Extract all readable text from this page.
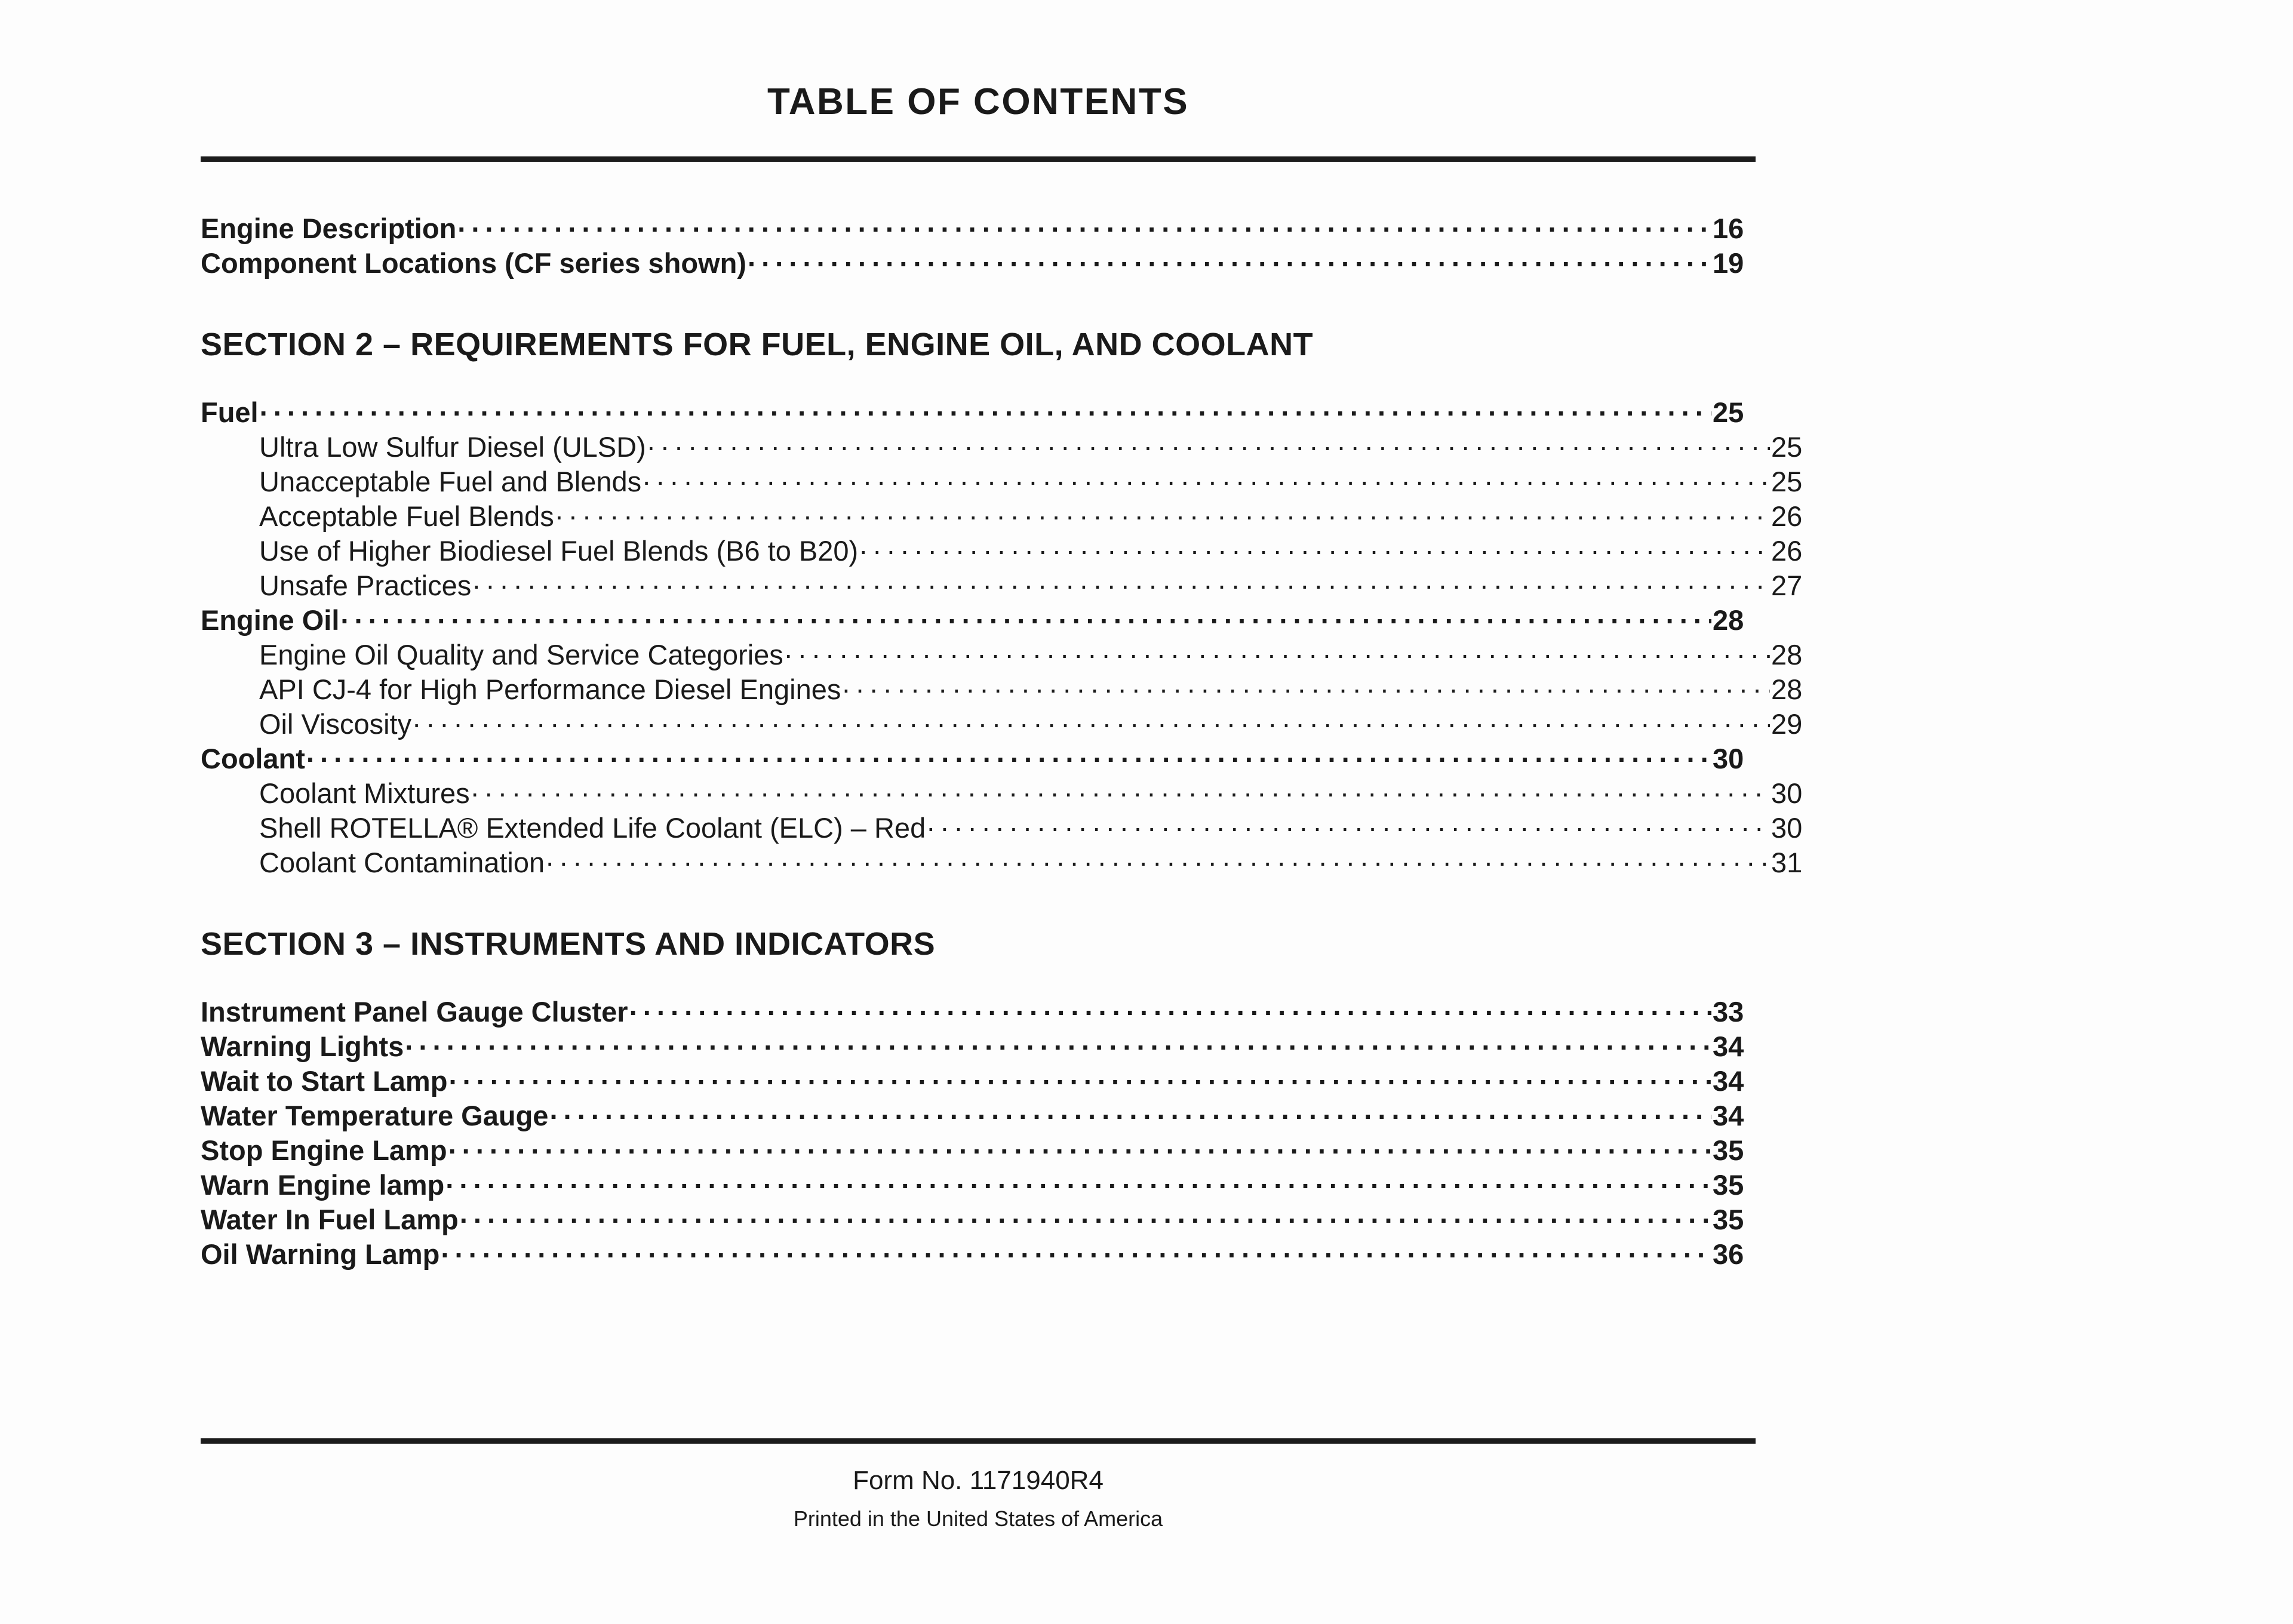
TABLE OF CONTENTS
Engine Description . . .	16
Component Locations (CF series shown) . . .	19
SECTION 2 – REQUIREMENTS FOR FUEL, ENGINE OIL, AND COOLANT
Fuel . . .	25
Ultra Low Sulfur Diesel (ULSD) . . .	25
Unacceptable Fuel and Blends . . .	25
Acceptable Fuel Blends . . .	26
Use of Higher Biodiesel Fuel Blends (B6 to B20) . . .	26
Unsafe Practices . . .	27
Engine Oil . . .	28
Engine Oil Quality and Service Categories . . .	28
API CJ-4 for High Performance Diesel Engines . . .	28
Oil Viscosity . . .	29
Coolant . . .	30
Coolant Mixtures . . .	30
Shell ROTELLA® Extended Life Coolant (ELC) – Red . . .	30
Coolant Contamination . . .	31
SECTION 3 – INSTRUMENTS AND INDICATORS
Instrument Panel Gauge Cluster . . .	33
Warning Lights . . .	34
Wait to Start Lamp . . .	34
Water Temperature Gauge . . .	34
Stop Engine Lamp . . .	35
Warn Engine lamp . . .	35
Water In Fuel Lamp . . .	35
Oil Warning Lamp . . .	36
Form No. 1171940R4
Printed in the United States of America
